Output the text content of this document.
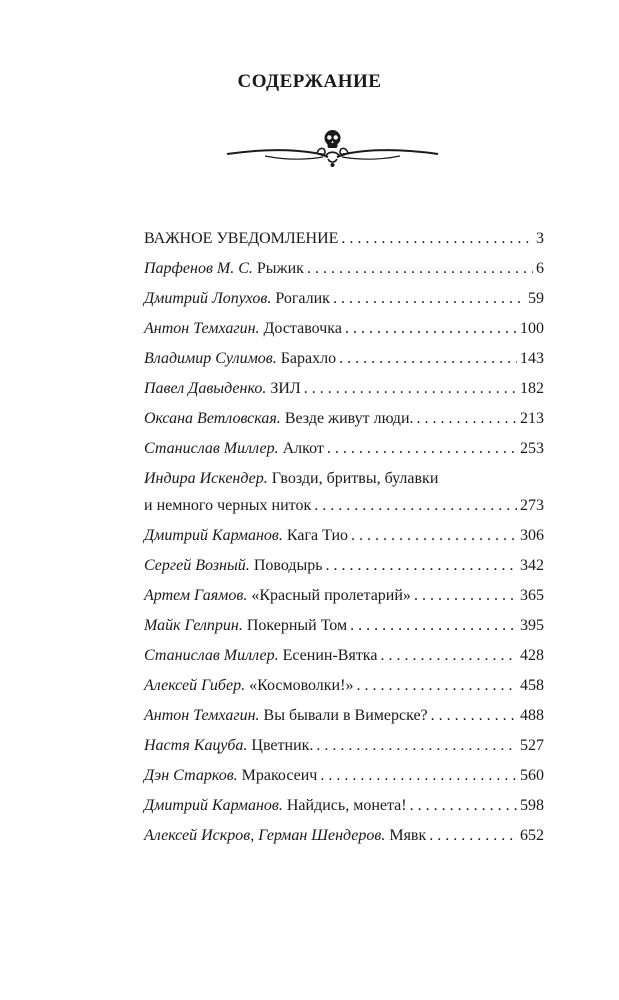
СОДЕРЖАНИЕ
ВАЖНОЕ УВЕДОМЛЕНИЕ . . .	3
Парфенов М. С. Рыжик . . .	6
Дмитрий Лопухов. Рогалик . . .	59
Антон Темхагин. Доставочка . . .	100
Владимир Сулимов. Барахло . . .	143
Павел Давыденко. ЗИЛ . . .	182
Оксана Ветловская. Везде живут люди. . . .	213
Станислав Миллер. Алкот . . .	253
Индира Искендер. Гвозди, бритвы, булавки
и немного черных ниток . . .	273
Дмитрий Карманов. Кага Тио . . .	306
Сергей Возный. Поводырь . . .	342
Артем Гаямов. «Красный пролетарий» . . .	365
Майк Гелприн. Покерный Том . . .	395
Станислав Миллер. Есенин-Вятка . . .	428
Алексей Гибер. «Космоволки!» . . .	458
Антон Темхагин. Вы бывали в Вимерске? . . .	488
Настя Кацуба. Цветник. . . .	527
Дэн Старков. Мракосеич . . .	560
Дмитрий Карманов. Найдись, монета! . . .	598
Алексей Искров, Герман Шендеров. Мявк . . .	652
